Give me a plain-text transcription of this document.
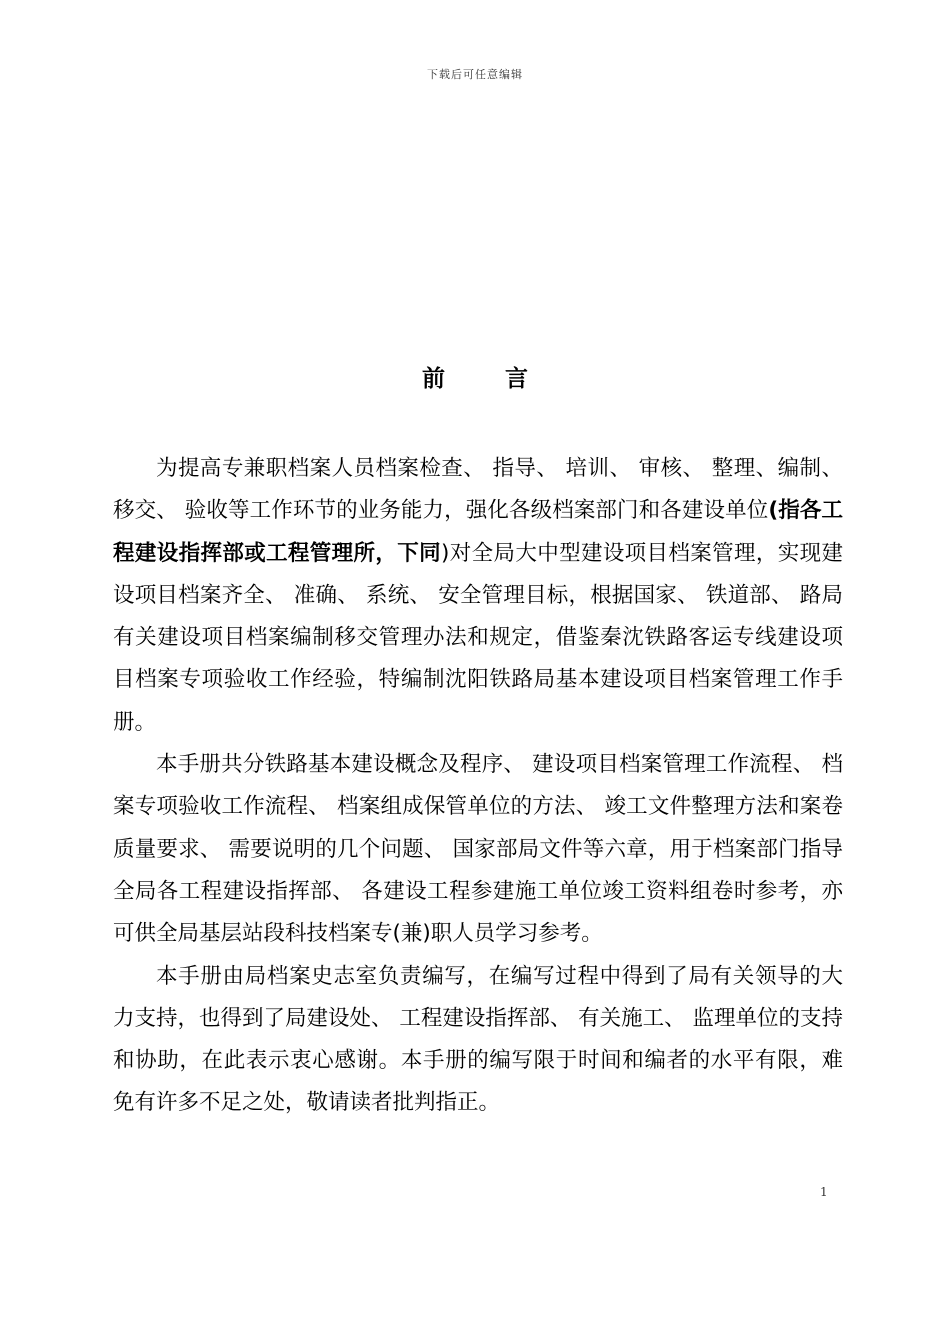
下载后可任意编辑
前言

为提高专兼职档案人员档案检查、 指导、 培训、 审核、 整理、编制、 移交、 验收等工作环节的业务能力，强化各级档案部门和各建设单位(指各工程建设指挥部或工程管理所，下同)对全局大中型建设项目档案管理，实现建设项目档案齐全、 准确、 系统、 安全管理目标，根据国家、 铁道部、 路局有关建设项目档案编制移交管理办法和规定，借鉴秦沈铁路客运专线建设项目档案专项验收工作经验，特编制沈阳铁路局基本建设项目档案管理工作手册。

本手册共分铁路基本建设概念及程序、 建设项目档案管理工作流程、 档案专项验收工作流程、 档案组成保管单位的方法、 竣工文件整理方法和案卷质量要求、 需要说明的几个问题、 国家部局文件等六章，用于档案部门指导全局各工程建设指挥部、 各建设工程参建施工单位竣工资料组卷时参考，亦可供全局基层站段科技档案专(兼)职人员学习参考。

本手册由局档案史志室负责编写，在编写过程中得到了局有关领导的大力支持，也得到了局建设处、 工程建设指挥部、 有关施工、 监理单位的支持和协助，在此表示衷心感谢。本手册的编写限于时间和编者的水平有限，难免有许多不足之处，敬请读者批判指正。

1
